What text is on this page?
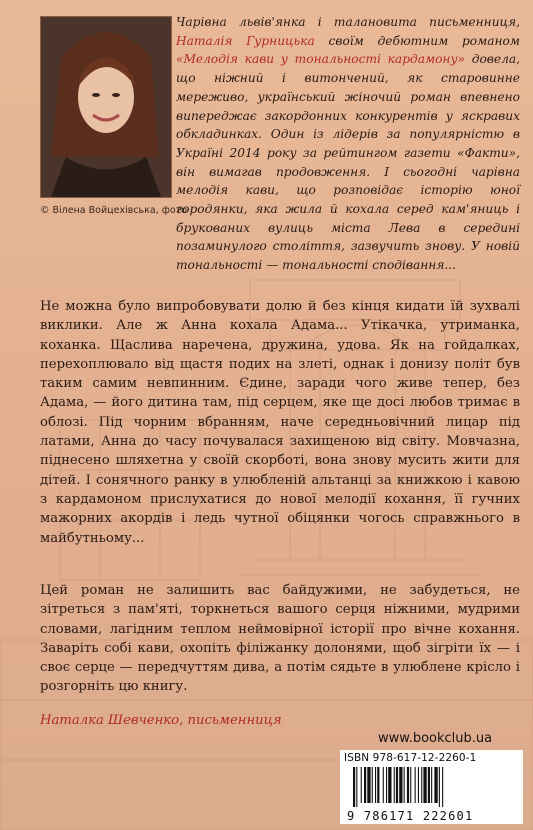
© Вілена Войцехівська, фото
Чарівна львів'янка і талановита письменниця, Наталія Гурницька своїм дебютним романом «Мелодія кави у тональності кардамону» довела, що ніжний і витончений, як старовинне мереживо, український жіночий роман впевнено випереджає закордонних конкурентів у яскравих обкладинках. Один із лідерів за популярністю в Україні 2014 року за рейтингом газети «Факти», він вимагав продовження. І сьогодні чарівна мелодія кави, що розповідає історію юної городянки, яка жила й кохала серед кам'яниць і брукованих вулиць міста Лева в середині позаминулого століття, зазвучить знову. У новій тональності — тональності сподівання...
Не можна було випробовувати долю й без кінця кидати їй зухвалі виклики. Але ж Анна кохала Адама... Утікачка, утриманка, коханка. Щаслива наречена, дружина, удова. Як на гойдалках, перехоплювало від щастя подих на злеті, однак і донизу політ був таким самим невпинним. Єдине, заради чого живе тепер, без Адама, — його дитина там, під серцем, яке ще досі любов тримає в облозі. Під чорним вбранням, наче середньовічний лицар під латами, Анна до часу почувалася захищеною від світу. Мовчазна, піднесено шляхетна у своїй скорботі, вона знову мусить жити для дітей. І сонячного ранку в улюбленій альтанці за книжкою і кавою з кардамоном прислухатися до нової мелодії кохання, її гучних мажорних акордів і ледь чутної обіцянки чогось справжнього в майбутньому...
Цей роман не залишить вас байдужими, не забудеться, не зітреться з пам'яті, торкнеться вашого серця ніжними, мудрими словами, лагідним теплом неймовірної історії про вічне кохання. Заваріть собі кави, охопіть філіжанку долонями, щоб зігріти їх — і своє серце — передчуттям дива, а потім сядьте в улюблене крісло і розгорніть цю книгу.
Наталка Шевченко, письменниця
www.bookclub.ua
ISBN 978-617-12-2260-1
9 786171 222601
